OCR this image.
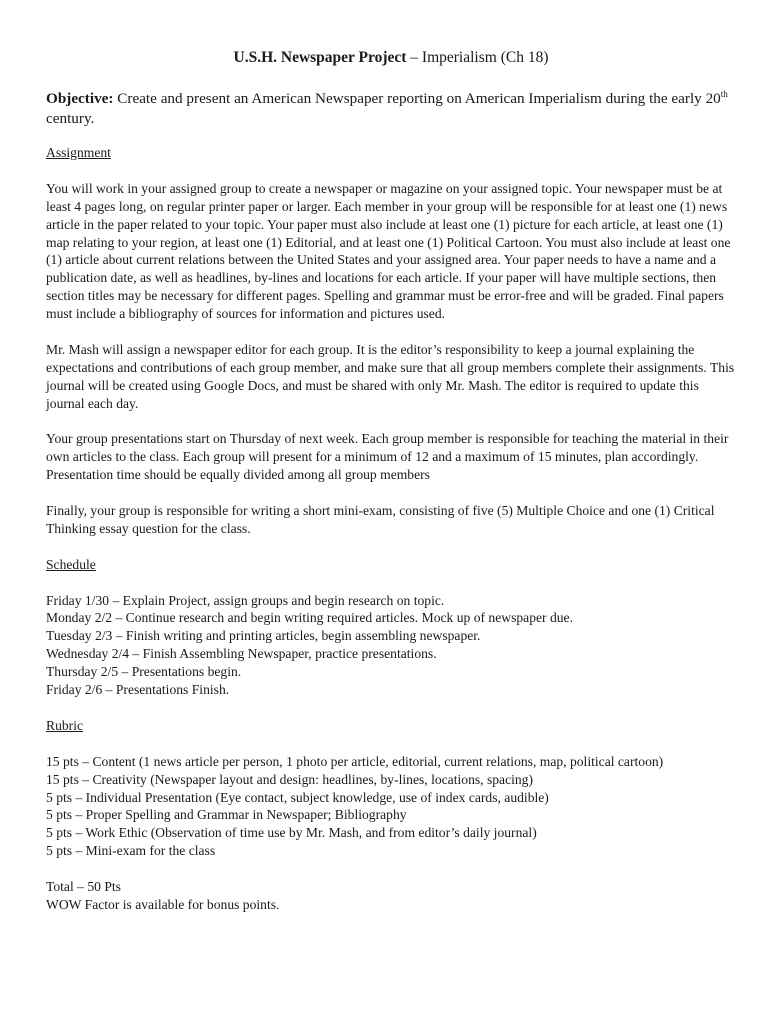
U.S.H. Newspaper Project – Imperialism (Ch 18)
Objective: Create and present an American Newspaper reporting on American Imperialism during the early 20th century.
Assignment

You will work in your assigned group to create a newspaper or magazine on your assigned topic. Your newspaper must be at least 4 pages long, on regular printer paper or larger. Each member in your group will be responsible for at least one (1) news article in the paper related to your topic. Your paper must also include at least one (1) picture for each article, at least one (1) map relating to your region, at least one (1) Editorial, and at least one (1) Political Cartoon. You must also include at least one (1) article about current relations between the United States and your assigned area. Your paper needs to have a name and a publication date, as well as headlines, by-lines and locations for each article. If your paper will have multiple sections, then section titles may be necessary for different pages. Spelling and grammar must be error-free and will be graded. Final papers must include a bibliography of sources for information and pictures used.

Mr. Mash will assign a newspaper editor for each group. It is the editor’s responsibility to keep a journal explaining the expectations and contributions of each group member, and make sure that all group members complete their assignments. This journal will be created using Google Docs, and must be shared with only Mr. Mash. The editor is required to update this journal each day.

Your group presentations start on Thursday of next week. Each group member is responsible for teaching the material in their own articles to the class. Each group will present for a minimum of 12 and a maximum of 15 minutes, plan accordingly. Presentation time should be equally divided among all group members

Finally, your group is responsible for writing a short mini-exam, consisting of five (5) Multiple Choice and one (1) Critical Thinking essay question for the class.

Schedule
Friday 1/30 – Explain Project, assign groups and begin research on topic.
Monday 2/2 – Continue research and begin writing required articles. Mock up of newspaper due.
Tuesday 2/3 – Finish writing and printing articles, begin assembling newspaper.
Wednesday 2/4 – Finish Assembling Newspaper, practice presentations.
Thursday 2/5 – Presentations begin.
Friday 2/6 – Presentations Finish.
Rubric
15 pts – Content (1 news article per person, 1 photo per article, editorial, current relations, map, political cartoon)
15 pts – Creativity (Newspaper layout and design: headlines, by-lines, locations, spacing)
5 pts – Individual Presentation (Eye contact, subject knowledge, use of index cards, audible)
5 pts – Proper Spelling and Grammar in Newspaper; Bibliography
5 pts – Work Ethic (Observation of time use by Mr. Mash, and from editor’s daily journal)
5 pts – Mini-exam for the class
Total – 50 Pts
WOW Factor is available for bonus points.
